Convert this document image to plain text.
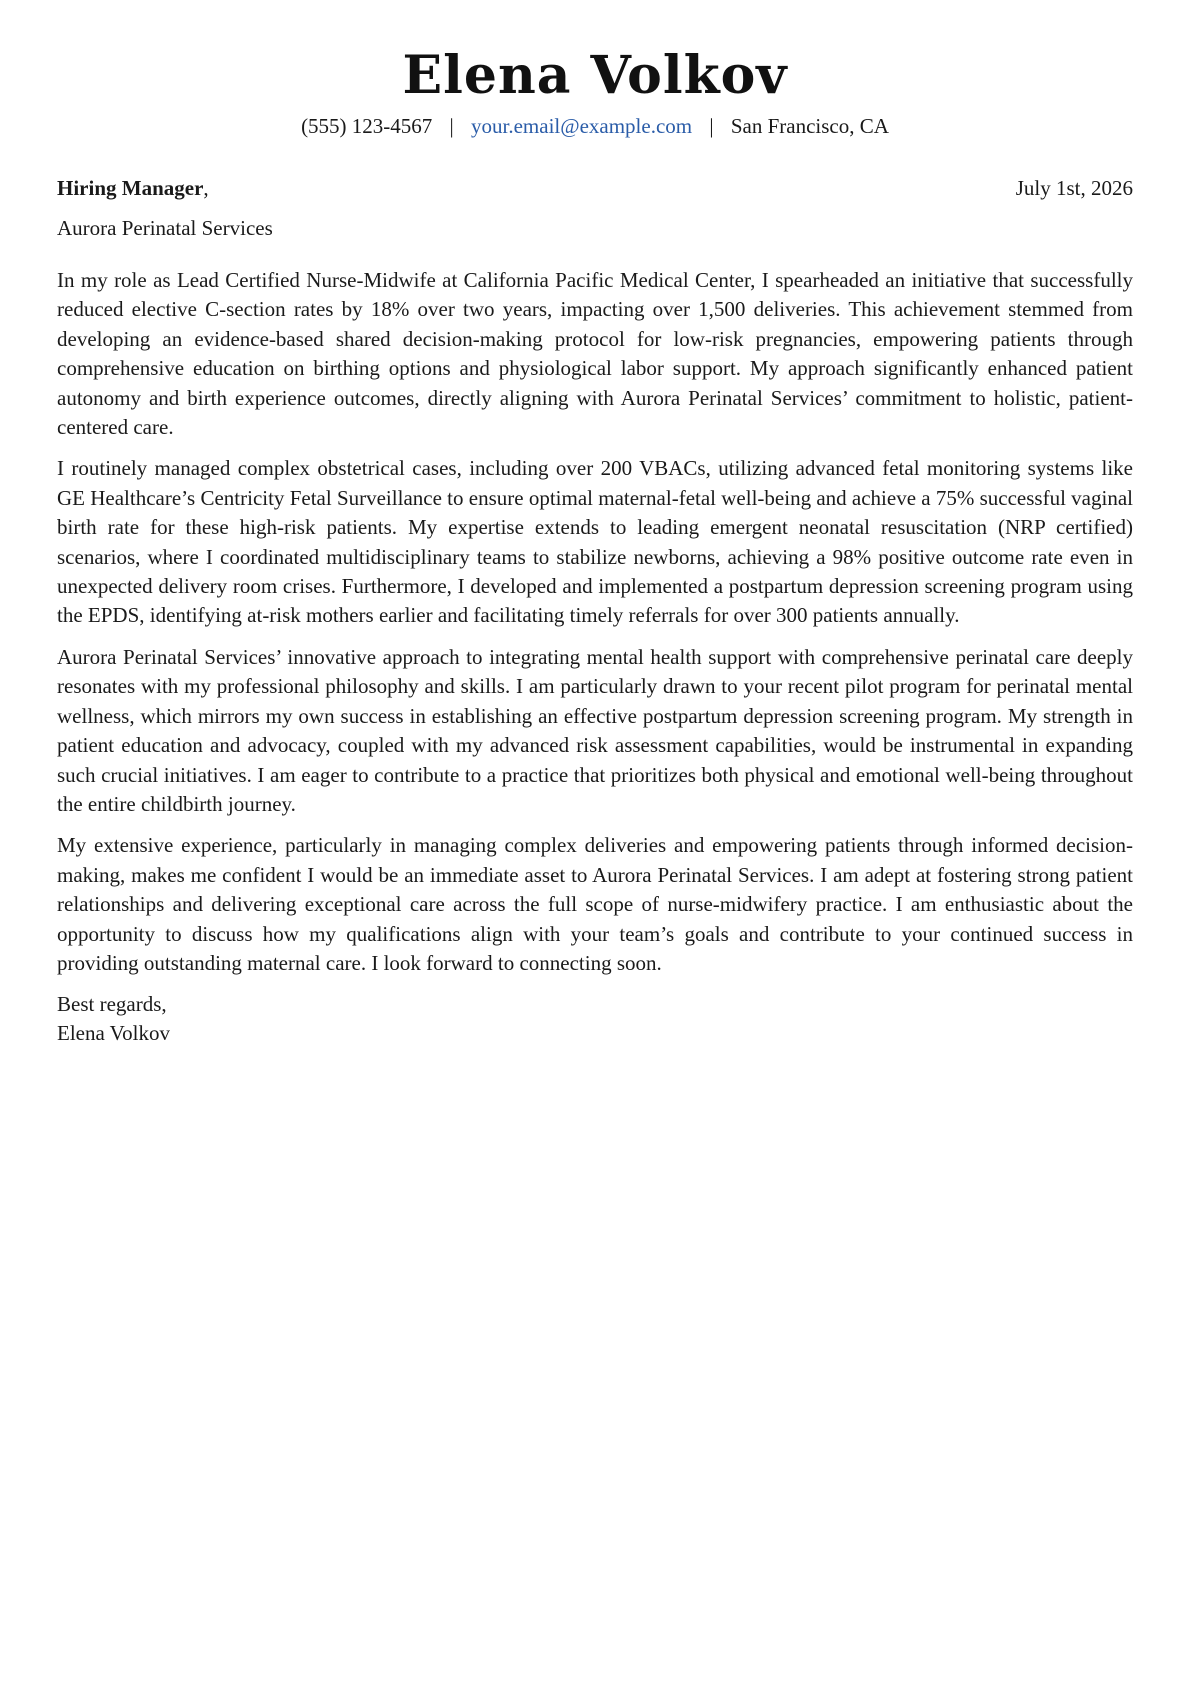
Elena Volkov
(555) 123-4567 | your.email@example.com | San Francisco, CA
Hiring Manager,	July 1st, 2026
Aurora Perinatal Services

In my role as Lead Certified Nurse-Midwife at California Pacific Medical Center, I spearheaded an initiative that successfully reduced elective C-section rates by 18% over two years, impacting over 1,500 deliveries. This achievement stemmed from developing an evidence-based shared decision-making protocol for low-risk pregnancies, empowering patients through comprehensive education on birthing options and physiological labor support. My approach significantly enhanced patient autonomy and birth experience outcomes, directly aligning with Aurora Perinatal Services’ commitment to holistic, patient-centered care.

I routinely managed complex obstetrical cases, including over 200 VBACs, utilizing advanced fetal monitoring systems like GE Healthcare’s Centricity Fetal Surveillance to ensure optimal maternal-fetal well-being and achieve a 75% successful vaginal birth rate for these high-risk patients. My expertise extends to leading emergent neonatal resuscitation (NRP certified) scenarios, where I coordinated multidisciplinary teams to stabilize newborns, achieving a 98% positive outcome rate even in unexpected delivery room crises. Furthermore, I developed and implemented a postpartum depression screening program using the EPDS, identifying at-risk mothers earlier and facilitating timely referrals for over 300 patients annually.

Aurora Perinatal Services’ innovative approach to integrating mental health support with comprehensive perinatal care deeply resonates with my professional philosophy and skills. I am particularly drawn to your recent pilot program for perinatal mental wellness, which mirrors my own success in establishing an effective postpartum depression screening program. My strength in patient education and advocacy, coupled with my advanced risk assessment capabilities, would be instrumental in expanding such crucial initiatives. I am eager to contribute to a practice that prioritizes both physical and emotional well-being throughout the entire childbirth journey.

My extensive experience, particularly in managing complex deliveries and empowering patients through informed decision-making, makes me confident I would be an immediate asset to Aurora Perinatal Services. I am adept at fostering strong patient relationships and delivering exceptional care across the full scope of nurse-midwifery practice. I am enthusiastic about the opportunity to discuss how my qualifications align with your team’s goals and contribute to your continued success in providing outstanding maternal care. I look forward to connecting soon.

Best regards,
Elena Volkov
